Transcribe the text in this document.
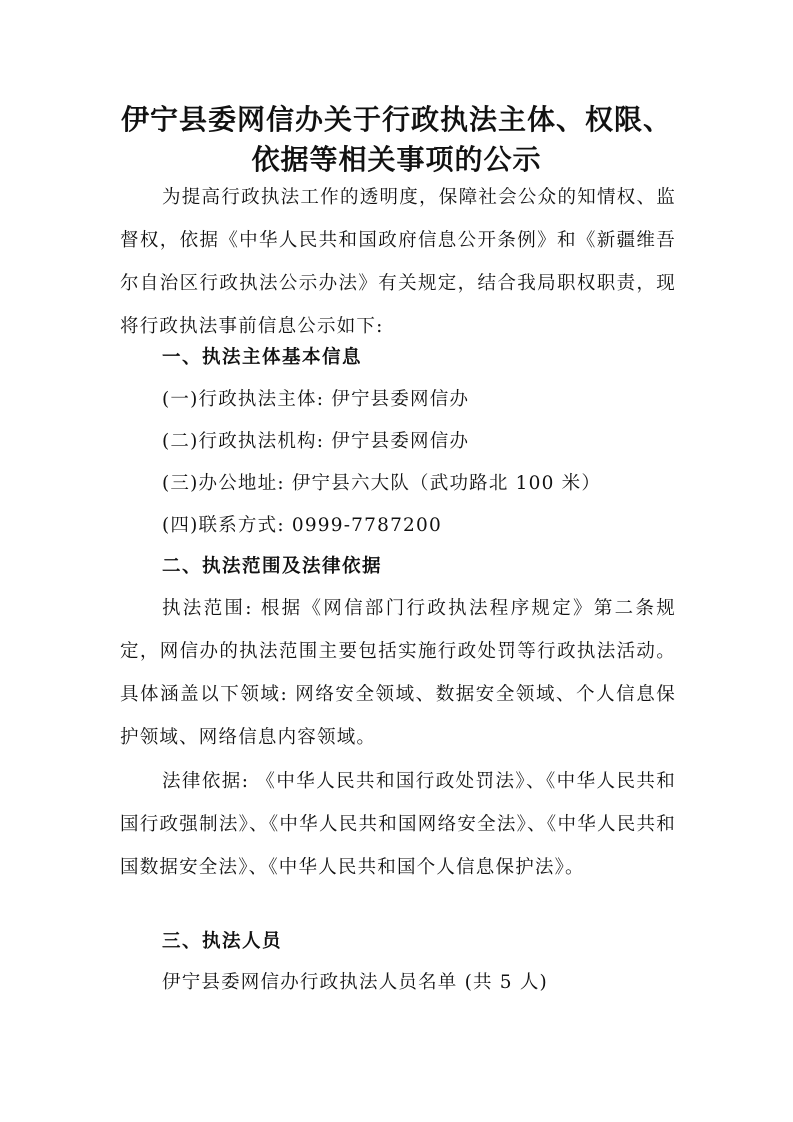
伊宁县委网信办关于行政执法主体、权限、
依据等相关事项的公示

为提高行政执法工作的透明度，保障社会公众的知情权、监督权，依据《中华人民共和国政府信息公开条例》和《新疆维吾尔自治区行政执法公示办法》有关规定，结合我局职权职责，现将行政执法事前信息公示如下:

一、执法主体基本信息

(一)行政执法主体: 伊宁县委网信办

(二)行政执法机构: 伊宁县委网信办

(三)办公地址: 伊宁县六大队（武功路北 100 米）

(四)联系方式: 0999-7787200

二、执法范围及法律依据

执法范围: 根据《网信部门行政执法程序规定》第二条规定，网信办的执法范围主要包括实施行政处罚等行政执法活动。具体涵盖以下领域: 网络安全领域、数据安全领域、个人信息保护领域、网络信息内容领域。

法律依据: 《中华人民共和国行政处罚法》、《中华人民共和国行政强制法》、《中华人民共和国网络安全法》、《中华人民共和国数据安全法》、《中华人民共和国个人信息保护法》。

三、执法人员

伊宁县委网信办行政执法人员名单 (共 5 人)
